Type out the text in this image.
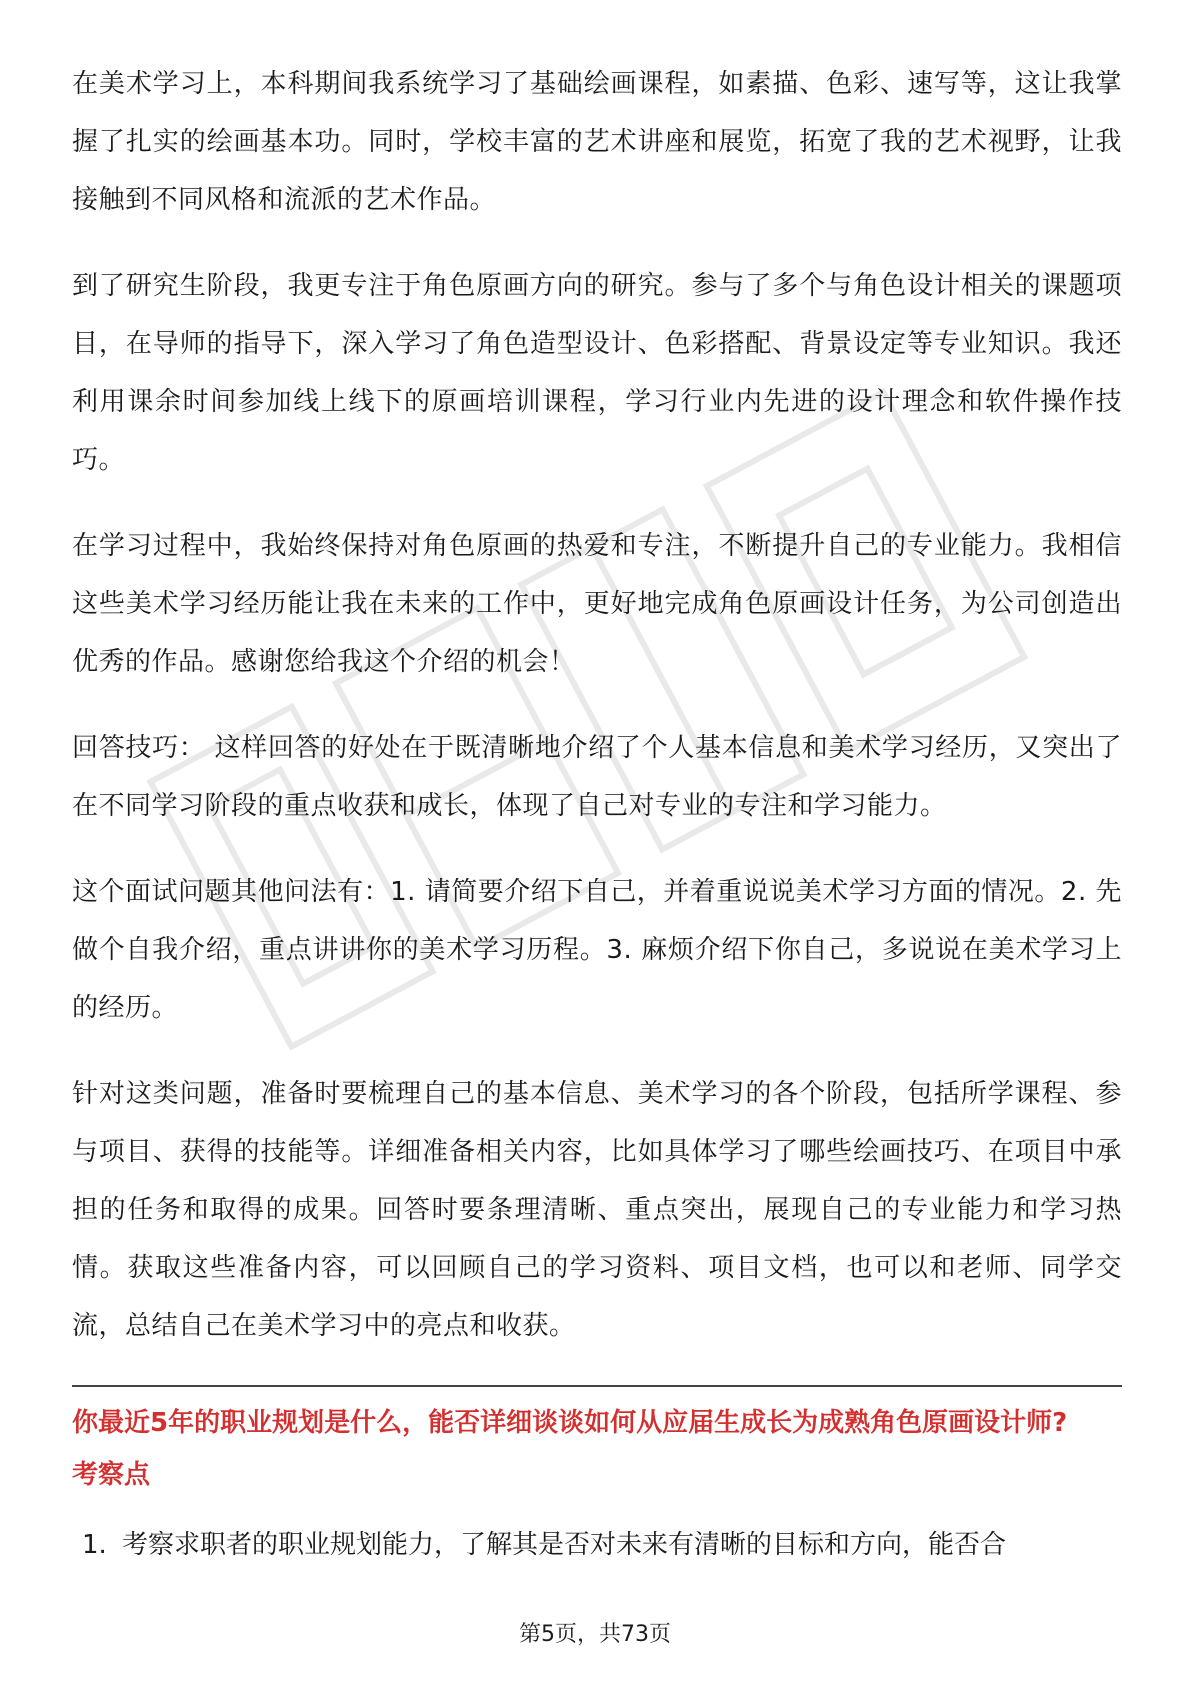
在美术学习上，本科期间我系统学习了基础绘画课程，如素描、色彩、速写等，这让我掌握了扎实的绘画基本功。同时，学校丰富的艺术讲座和展览，拓宽了我的艺术视野，让我接触到不同风格和流派的艺术作品。

到了研究生阶段，我更专注于角色原画方向的研究。参与了多个与角色设计相关的课题项目，在导师的指导下，深入学习了角色造型设计、色彩搭配、背景设定等专业知识。我还利用课余时间参加线上线下的原画培训课程，学习行业内先进的设计理念和软件操作技巧。

在学习过程中，我始终保持对角色原画的热爱和专注，不断提升自己的专业能力。我相信这些美术学习经历能让我在未来的工作中，更好地完成角色原画设计任务，为公司创造出优秀的作品。感谢您给我这个介绍的机会！

回答技巧： 这样回答的好处在于既清晰地介绍了个人基本信息和美术学习经历，又突出了在不同学习阶段的重点收获和成长，体现了自己对专业的专注和学习能力。

这个面试问题其他问法有：1. 请简要介绍下自己，并着重说说美术学习方面的情况。2. 先做个自我介绍，重点讲讲你的美术学习历程。3. 麻烦介绍下你自己，多说说在美术学习上的经历。

针对这类问题，准备时要梳理自己的基本信息、美术学习的各个阶段，包括所学课程、参与项目、获得的技能等。详细准备相关内容，比如具体学习了哪些绘画技巧、在项目中承担的任务和取得的成果。回答时要条理清晰、重点突出，展现自己的专业能力和学习热情。获取这些准备内容，可以回顾自己的学习资料、项目文档，也可以和老师、同学交流，总结自己在美术学习中的亮点和收获。

你最近5年的职业规划是什么，能否详细谈谈如何从应届生成长为成熟角色原画设计师?
考察点
1. 考察求职者的职业规划能力，了解其是否对未来有清晰的目标和方向，能否合
第5页，共73页
